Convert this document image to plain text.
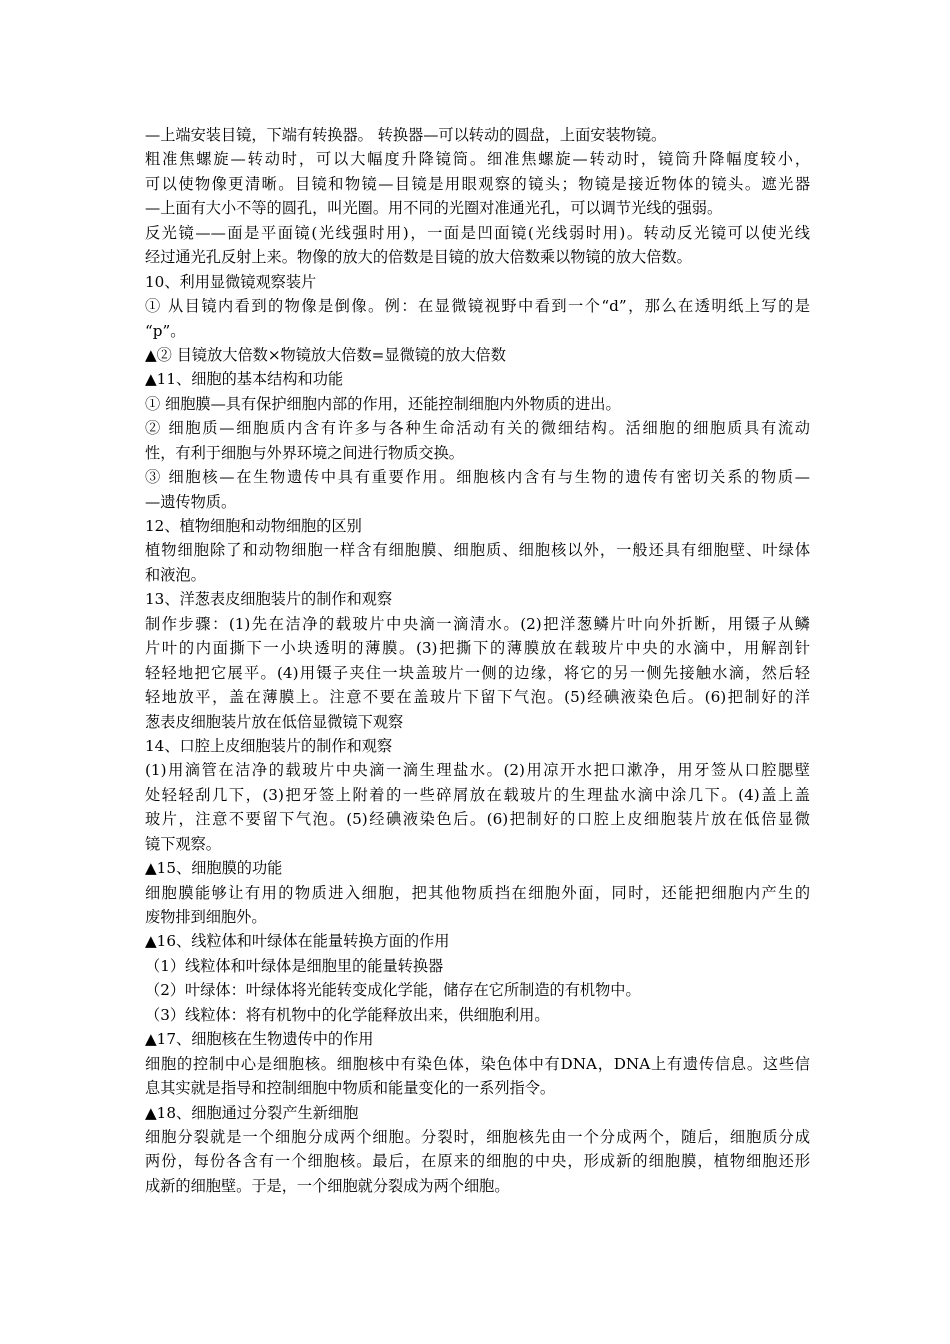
—上端安装目镜，下端有转换器。 转换器—可以转动的圆盘，上面安装物镜。
粗准焦螺旋—转动时，可以大幅度升降镜筒。细准焦螺旋—转动时，镜筒升降幅度较小，
可以使物像更清晰。目镜和物镜—目镜是用眼观察的镜头；物镜是接近物体的镜头。遮光器
—上面有大小不等的圆孔，叫光圈。用不同的光圈对准通光孔，可以调节光线的强弱。
反光镜——面是平面镜(光线强时用)，一面是凹面镜(光线弱时用)。转动反光镜可以使光线
经过通光孔反射上来。物像的放大的倍数是目镜的放大倍数乘以物镜的放大倍数。
10、利用显微镜观察装片
① 从目镜内看到的物像是倒像。例：在显微镜视野中看到一个“d”，那么在透明纸上写的是
“p”。
▲② 目镜放大倍数×物镜放大倍数=显微镜的放大倍数
▲11、细胞的基本结构和功能
① 细胞膜—具有保护细胞内部的作用，还能控制细胞内外物质的进出。
② 细胞质—细胞质内含有许多与各种生命活动有关的微细结构。活细胞的细胞质具有流动
性，有利于细胞与外界环境之间进行物质交换。
③ 细胞核—在生物遗传中具有重要作用。细胞核内含有与生物的遗传有密切关系的物质—
—遗传物质。
12、植物细胞和动物细胞的区别
植物细胞除了和动物细胞一样含有细胞膜、细胞质、细胞核以外，一般还具有细胞壁、叶绿体
和液泡。
13、洋葱表皮细胞装片的制作和观察
制作步骤：(1)先在洁净的载玻片中央滴一滴清水。(2)把洋葱鳞片叶向外折断，用镊子从鳞
片叶的内面撕下一小块透明的薄膜。(3)把撕下的薄膜放在载玻片中央的水滴中，用解剖针
轻轻地把它展平。(4)用镊子夹住一块盖玻片一侧的边缘，将它的另一侧先接触水滴，然后轻
轻地放平，盖在薄膜上。注意不要在盖玻片下留下气泡。(5)经碘液染色后。(6)把制好的洋
葱表皮细胞装片放在低倍显微镜下观察
14、口腔上皮细胞装片的制作和观察
(1)用滴管在洁净的载玻片中央滴一滴生理盐水。(2)用凉开水把口漱净，用牙签从口腔腮壁
处轻轻刮几下，(3)把牙签上附着的一些碎屑放在载玻片的生理盐水滴中涂几下。(4)盖上盖
玻片，注意不要留下气泡。(5)经碘液染色后。(6)把制好的口腔上皮细胞装片放在低倍显微
镜下观察。
▲15、细胞膜的功能
细胞膜能够让有用的物质进入细胞，把其他物质挡在细胞外面，同时，还能把细胞内产生的
废物排到细胞外。
▲16、线粒体和叶绿体在能量转换方面的作用
（1）线粒体和叶绿体是细胞里的能量转换器
（2）叶绿体：叶绿体将光能转变成化学能，储存在它所制造的有机物中。
（3）线粒体：将有机物中的化学能释放出来，供细胞利用。
▲17、细胞核在生物遗传中的作用
细胞的控制中心是细胞核。细胞核中有染色体，染色体中有DNA，DNA上有遗传信息。这些信
息其实就是指导和控制细胞中物质和能量变化的一系列指令。
▲18、细胞通过分裂产生新细胞
细胞分裂就是一个细胞分成两个细胞。分裂时，细胞核先由一个分成两个，随后，细胞质分成
两份，每份各含有一个细胞核。最后，在原来的细胞的中央，形成新的细胞膜，植物细胞还形
成新的细胞壁。于是，一个细胞就分裂成为两个细胞。
